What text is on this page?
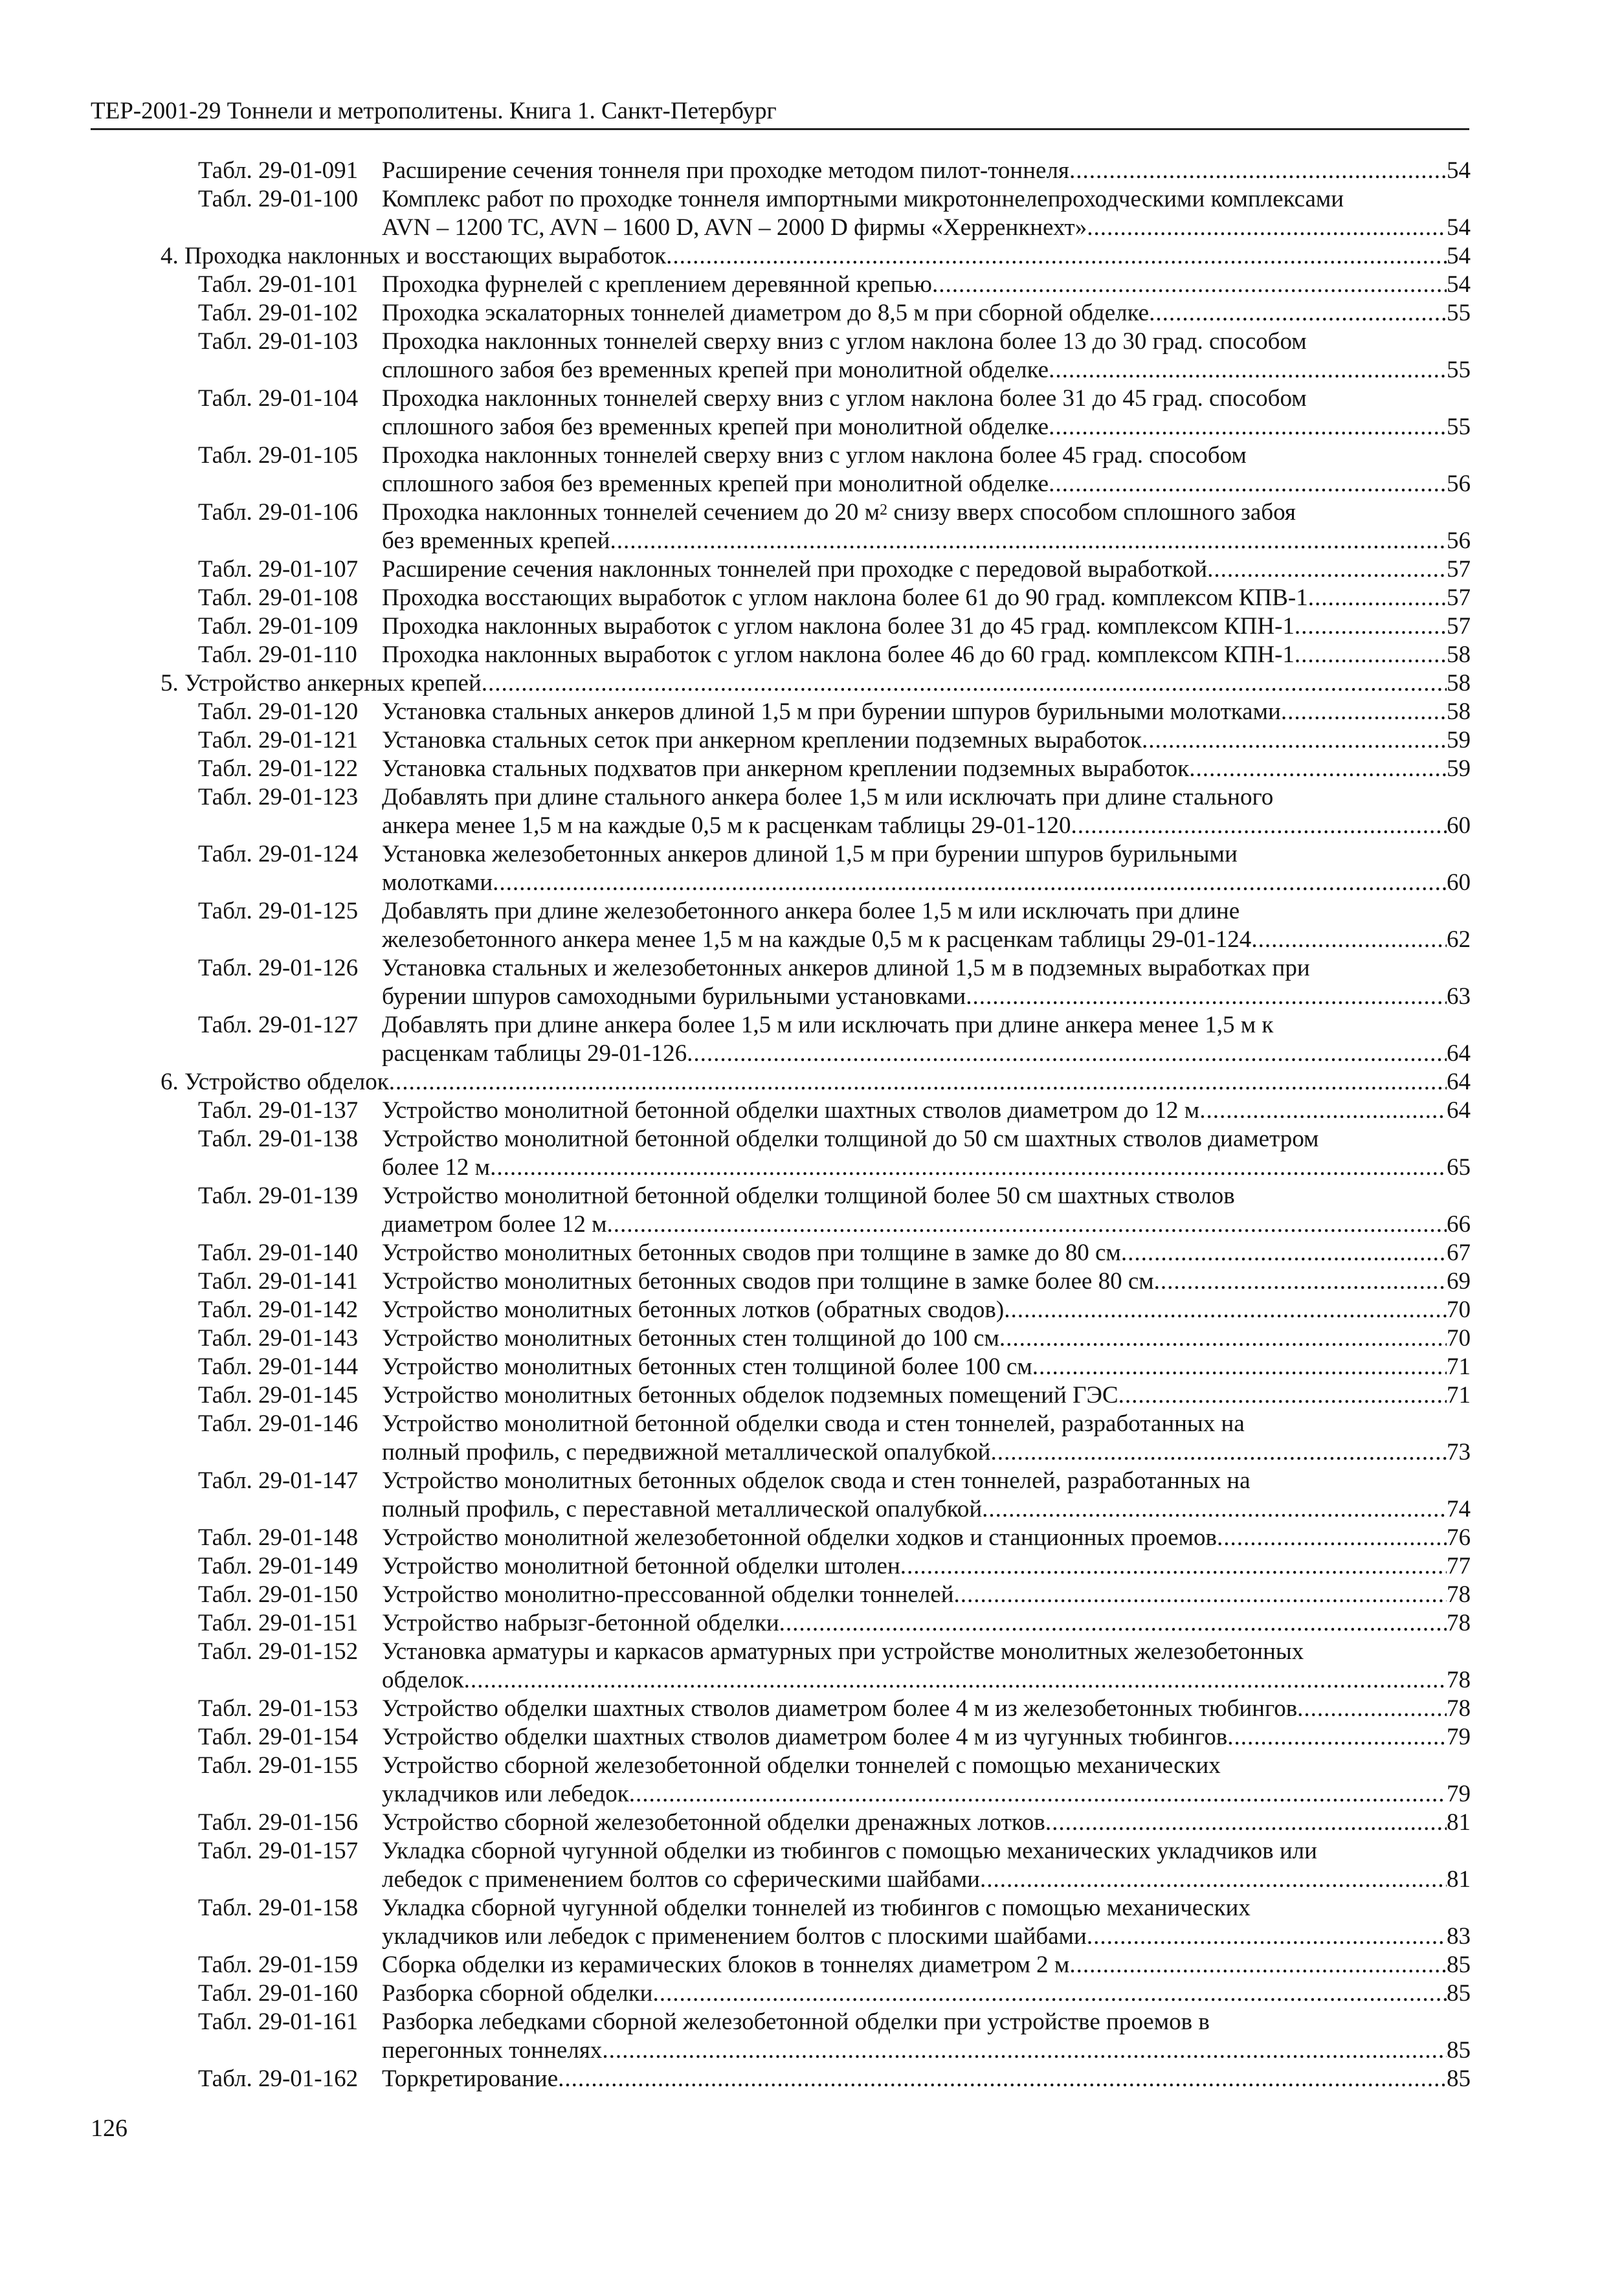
ТЕР-2001-29 Тоннели и метрополитены. Книга 1. Санкт-Петербург
Табл. 29-01-091 Расширение сечения тоннеля при проходке методом пилот-тоннеля .....	54
Табл. 29-01-100 Комплекс работ по проходке тоннеля импортными микротоннелепроходческими комплексами
AVN – 1200 TC, AVN – 1600 D, AVN – 2000 D фирмы «Херренкнехт» .....	54
4. Проходка наклонных и восстающих выработок .....	54
Табл. 29-01-101 Проходка фурнелей с креплением деревянной крепью .....	54
Табл. 29-01-102 Проходка эскалаторных тоннелей диаметром до 8,5 м при сборной обделке .....	55
Табл. 29-01-103 Проходка наклонных тоннелей сверху вниз с углом наклона более 13 до 30 град. способом
сплошного забоя без временных крепей при монолитной обделке .....	55
Табл. 29-01-104 Проходка наклонных тоннелей сверху вниз с углом наклона более 31 до 45 град. способом
сплошного забоя без временных крепей при монолитной обделке .....	55
Табл. 29-01-105 Проходка наклонных тоннелей сверху вниз с углом наклона более 45 град. способом
сплошного забоя без временных крепей при монолитной обделке .....	56
Табл. 29-01-106 Проходка наклонных тоннелей сечением до 20 $м^2$ снизу вверх способом сплошного забоя
без временных крепей .....	56
Табл. 29-01-107 Расширение сечения наклонных тоннелей при проходке с передовой выработкой .....	57
Табл. 29-01-108 Проходка восстающих выработок с углом наклона более 61 до 90 град. комплексом КПВ-1 .....	57
Табл. 29-01-109 Проходка наклонных выработок с углом наклона более 31 до 45 град. комплексом КПН-1 .....	57
Табл. 29-01-110 Проходка наклонных выработок с углом наклона более 46 до 60 град. комплексом КПН-1 .....	58
5. Устройство анкерных крепей .....	58
Табл. 29-01-120 Установка стальных анкеров длиной 1,5 м при бурении шпуров бурильными молотками .....	58
Табл. 29-01-121 Установка стальных сеток при анкерном креплении подземных выработок .....	59
Табл. 29-01-122 Установка стальных подхватов при анкерном креплении подземных выработок .....	59
Табл. 29-01-123 Добавлять при длине стального анкера более 1,5 м или исключать при длине стального
анкера менее 1,5 м на каждые 0,5 м к расценкам таблицы 29-01-120 .....	60
Табл. 29-01-124 Установка железобетонных анкеров длиной 1,5 м при бурении шпуров бурильными
молотками .....	60
Табл. 29-01-125 Добавлять при длине железобетонного анкера более 1,5 м или исключать при длине
железобетонного анкера менее 1,5 м на каждые 0,5 м к расценкам таблицы 29-01-124 .....	62
Табл. 29-01-126 Установка стальных и железобетонных анкеров длиной 1,5 м в подземных выработках при
бурении шпуров самоходными бурильными установками .....	63
Табл. 29-01-127 Добавлять при длине анкера более 1,5 м или исключать при длине анкера менее 1,5 м к
расценкам таблицы 29-01-126 .....	64
6. Устройство обделок .....	64
Табл. 29-01-137 Устройство монолитной бетонной обделки шахтных стволов диаметром до 12 м .....	64
Табл. 29-01-138 Устройство монолитной бетонной обделки толщиной до 50 см шахтных стволов диаметром
более 12 м .....	65
Табл. 29-01-139 Устройство монолитной бетонной обделки толщиной более 50 см шахтных стволов
диаметром более 12 м .....	66
Табл. 29-01-140 Устройство монолитных бетонных сводов при толщине в замке до 80 см .....	67
Табл. 29-01-141 Устройство монолитных бетонных сводов при толщине в замке более 80 см .....	69
Табл. 29-01-142 Устройство монолитных бетонных лотков (обратных сводов) .....	70
Табл. 29-01-143 Устройство монолитных бетонных стен толщиной до 100 см .....	70
Табл. 29-01-144 Устройство монолитных бетонных стен толщиной более 100 см .....	71
Табл. 29-01-145 Устройство монолитных бетонных обделок подземных помещений ГЭС .....	71
Табл. 29-01-146 Устройство монолитной бетонной обделки свода и стен тоннелей, разработанных на
полный профиль, с передвижной металлической опалубкой .....	73
Табл. 29-01-147 Устройство монолитных бетонных обделок свода и стен тоннелей, разработанных на
полный профиль, с переставной металлической опалубкой .....	74
Табл. 29-01-148 Устройство монолитной железобетонной обделки ходков и станционных проемов .....	76
Табл. 29-01-149 Устройство монолитной бетонной обделки штолен .....	77
Табл. 29-01-150 Устройство монолитно-прессованной обделки тоннелей .....	78
Табл. 29-01-151 Устройство набрызг-бетонной обделки .....	78
Табл. 29-01-152 Установка арматуры и каркасов арматурных при устройстве монолитных железобетонных
обделок .....	78
Табл. 29-01-153 Устройство обделки шахтных стволов диаметром более 4 м из железобетонных тюбингов .....	78
Табл. 29-01-154 Устройство обделки шахтных стволов диаметром более 4 м из чугунных тюбингов .....	79
Табл. 29-01-155 Устройство сборной железобетонной обделки тоннелей с помощью механических
укладчиков или лебедок .....	79
Табл. 29-01-156 Устройство сборной железобетонной обделки дренажных лотков .....	81
Табл. 29-01-157 Укладка сборной чугунной обделки из тюбингов с помощью механических укладчиков или
лебедок с применением болтов со сферическими шайбами .....	81
Табл. 29-01-158 Укладка сборной чугунной обделки тоннелей из тюбингов с помощью механических
укладчиков или лебедок с применением болтов с плоскими шайбами .....	83
Табл. 29-01-159 Сборка обделки из керамических блоков в тоннелях диаметром 2 м .....	85
Табл. 29-01-160 Разборка сборной обделки .....	85
Табл. 29-01-161 Разборка лебедками сборной железобетонной обделки при устройстве проемов в
перегонных тоннелях .....	85
Табл. 29-01-162 Торкретирование .....	85
126
